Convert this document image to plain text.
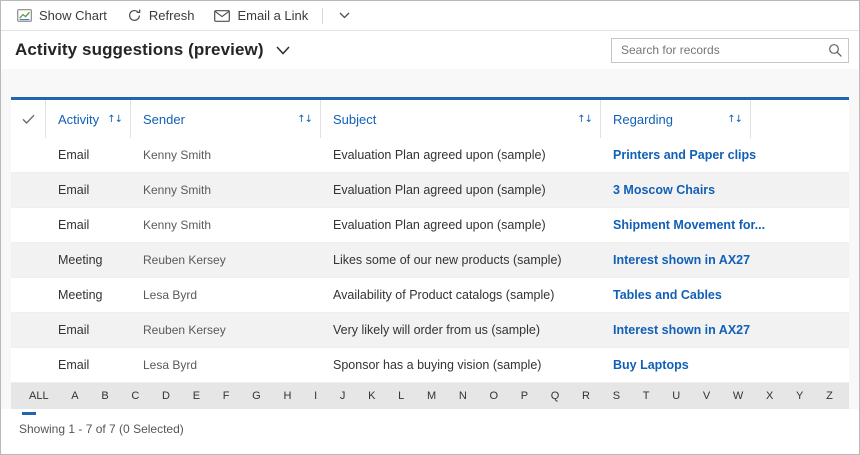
Show Chart	Refresh	Email a Link
Activity suggestions (preview)
Search for records
Activity ↑↓ Sender	↑↓ Subject	↑↓ Regarding	↑↓
Email	Kenny Smith	Evaluation Plan agreed upon (sample)	Printers and Paper clips
Email	Kenny Smith	Evaluation Plan agreed upon (sample)	3 Moscow Chairs
Email	Kenny Smith	Evaluation Plan agreed upon (sample)	Shipment Movement for...
Meeting	Reuben Kersey	Likes some of our new products (sample)	Interest shown in AX27
Meeting	Lesa Byrd	Availability of Product catalogs (sample)	Tables and Cables
Email	Reuben Kersey	Very likely will order from us (sample)	Interest shown in AX27
Email	Lesa Byrd	Sponsor has a buying vision (sample)	Buy Laptops
ALL A B C D E F G H I J K L M N O P Q R S T U V W X Y Z
Showing 1 - 7 of 7 (0 Selected)
